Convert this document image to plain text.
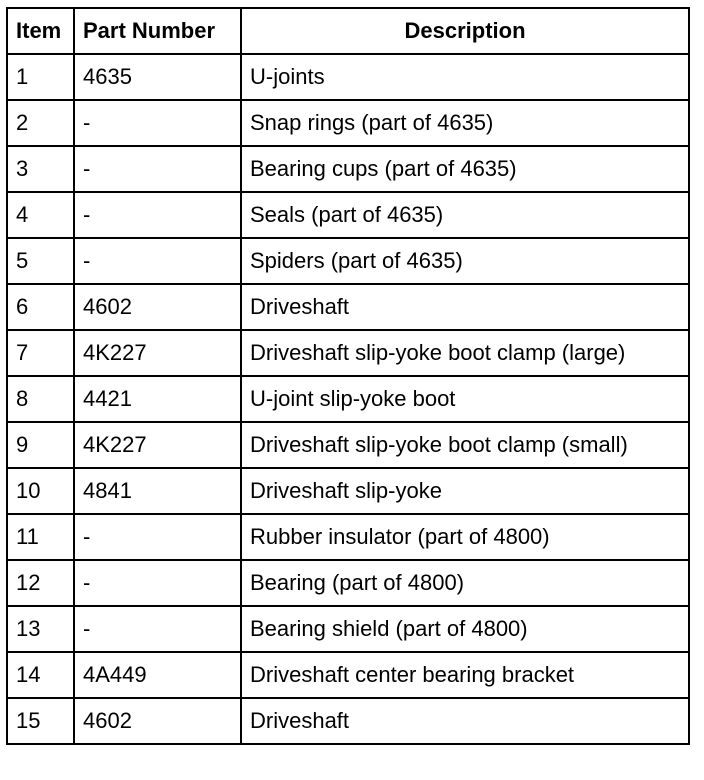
Item	Part Number	Description
1	4635	U-joints
2	-	Snap rings (part of 4635)
3	-	Bearing cups (part of 4635)
4	-	Seals (part of 4635)
5	-	Spiders (part of 4635)
6	4602	Driveshaft
7	4K227	Driveshaft slip-yoke boot clamp (large)
8	4421	U-joint slip-yoke boot
9	4K227	Driveshaft slip-yoke boot clamp (small)
10	4841	Driveshaft slip-yoke
11	-	Rubber insulator (part of 4800)
12	-	Bearing (part of 4800)
13	-	Bearing shield (part of 4800)
14	4A449	Driveshaft center bearing bracket
15	4602	Driveshaft
